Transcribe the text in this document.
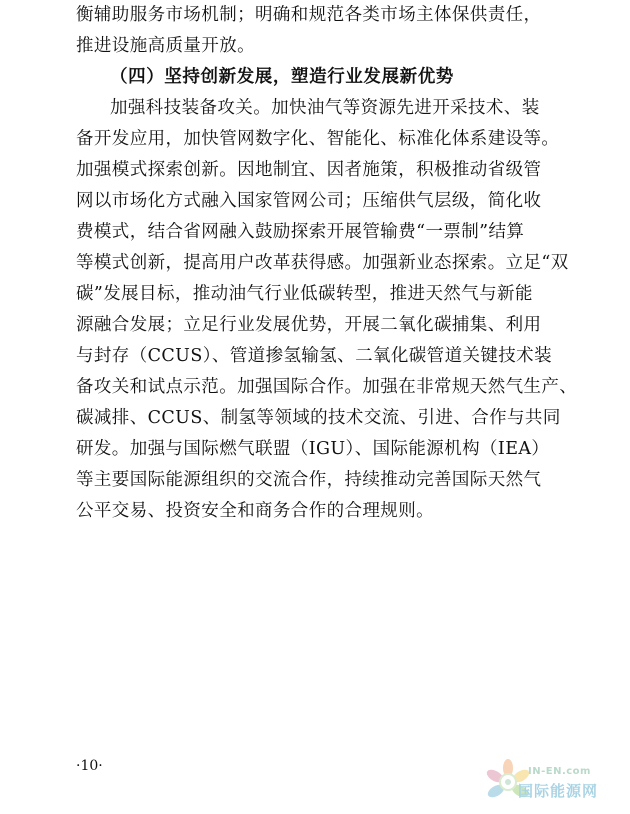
衡辅助服务市场机制；明确和规范各类市场主体保供责任，
推进设施高质量开放。
（四）坚持创新发展，塑造行业发展新优势
加强科技装备攻关。加快油气等资源先进开采技术、装
备开发应用，加快管网数字化、智能化、标准化体系建设等。
加强模式探索创新。因地制宜、因者施策，积极推动省级管
网以市场化方式融入国家管网公司；压缩供气层级，简化收
费模式，结合省网融入鼓励探索开展管输费“一票制”结算
等模式创新，提高用户改革获得感。加强新业态探索。立足“双
碳”发展目标，推动油气行业低碳转型，推进天然气与新能
源融合发展；立足行业发展优势，开展二氧化碳捕集、利用
与封存（CCUS）、管道掺氢输氢、二氧化碳管道关键技术装
备攻关和试点示范。加强国际合作。加强在非常规天然气生产、
碳减排、CCUS、制氢等领域的技术交流、引进、合作与共同
研发。加强与国际燃气联盟（IGU）、国际能源机构（IEA）
等主要国际能源组织的交流合作，持续推动完善国际天然气
公平交易、投资安全和商务合作的合理规则。
·10·	IN-EN.com
国际能源网
